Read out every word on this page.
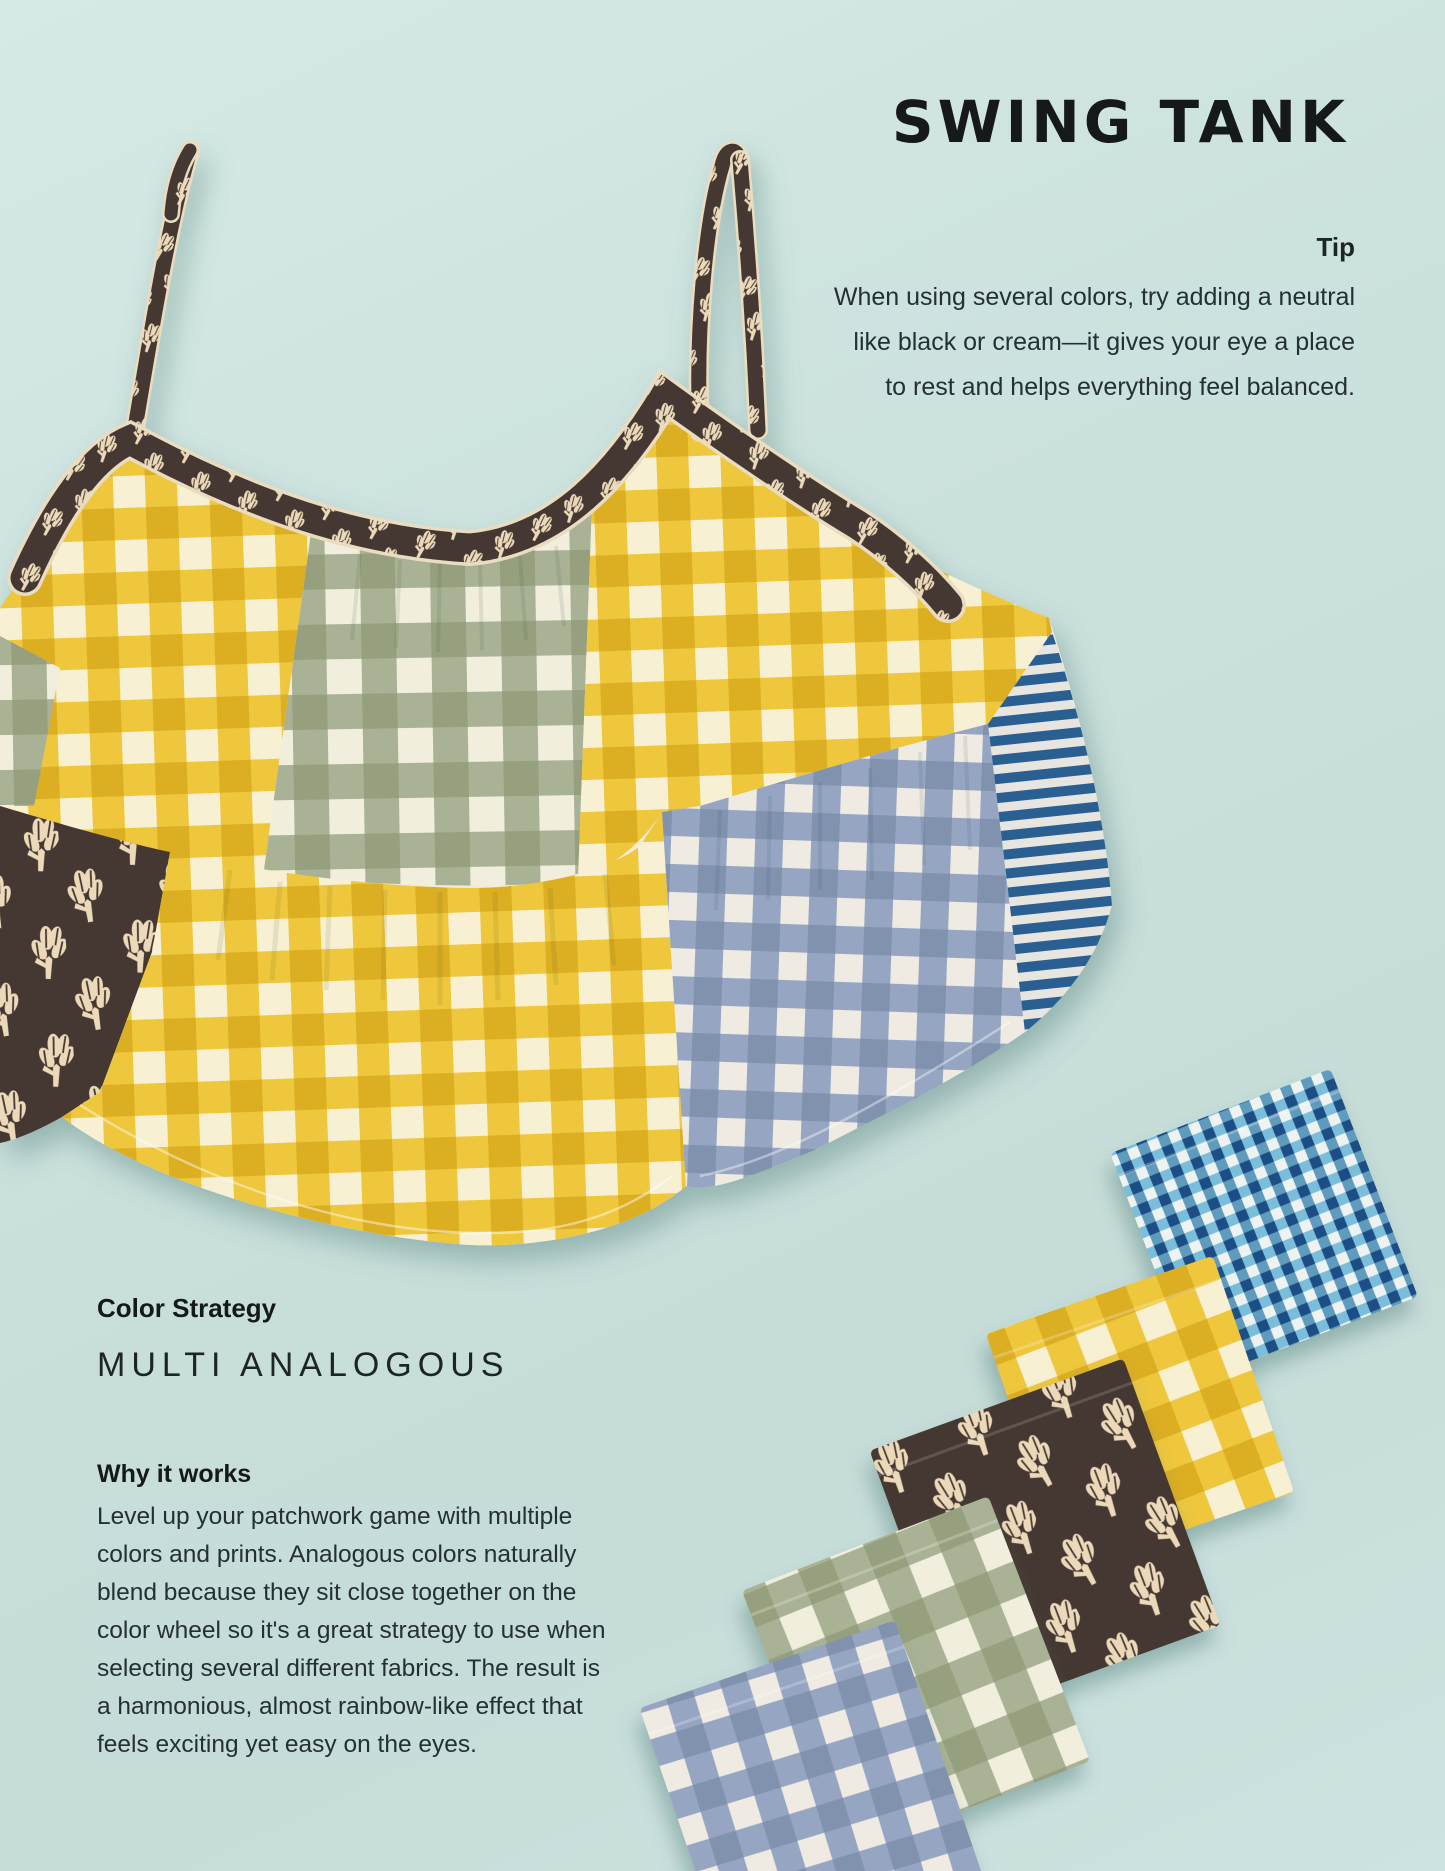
SWING TANK
Tip
When using several colors, try adding a neutral
like black or cream—it gives your eye a place
to rest and helps everything feel balanced.
Color Strategy
MULTI ANALOGOUS
Why it works
Level up your patchwork game with multiple
colors and prints. Analogous colors naturally
blend because they sit close together on the
color wheel so it's a great strategy to use when
selecting several different fabrics. The result is
a harmonious, almost rainbow-like effect that
feels exciting yet easy on the eyes.
